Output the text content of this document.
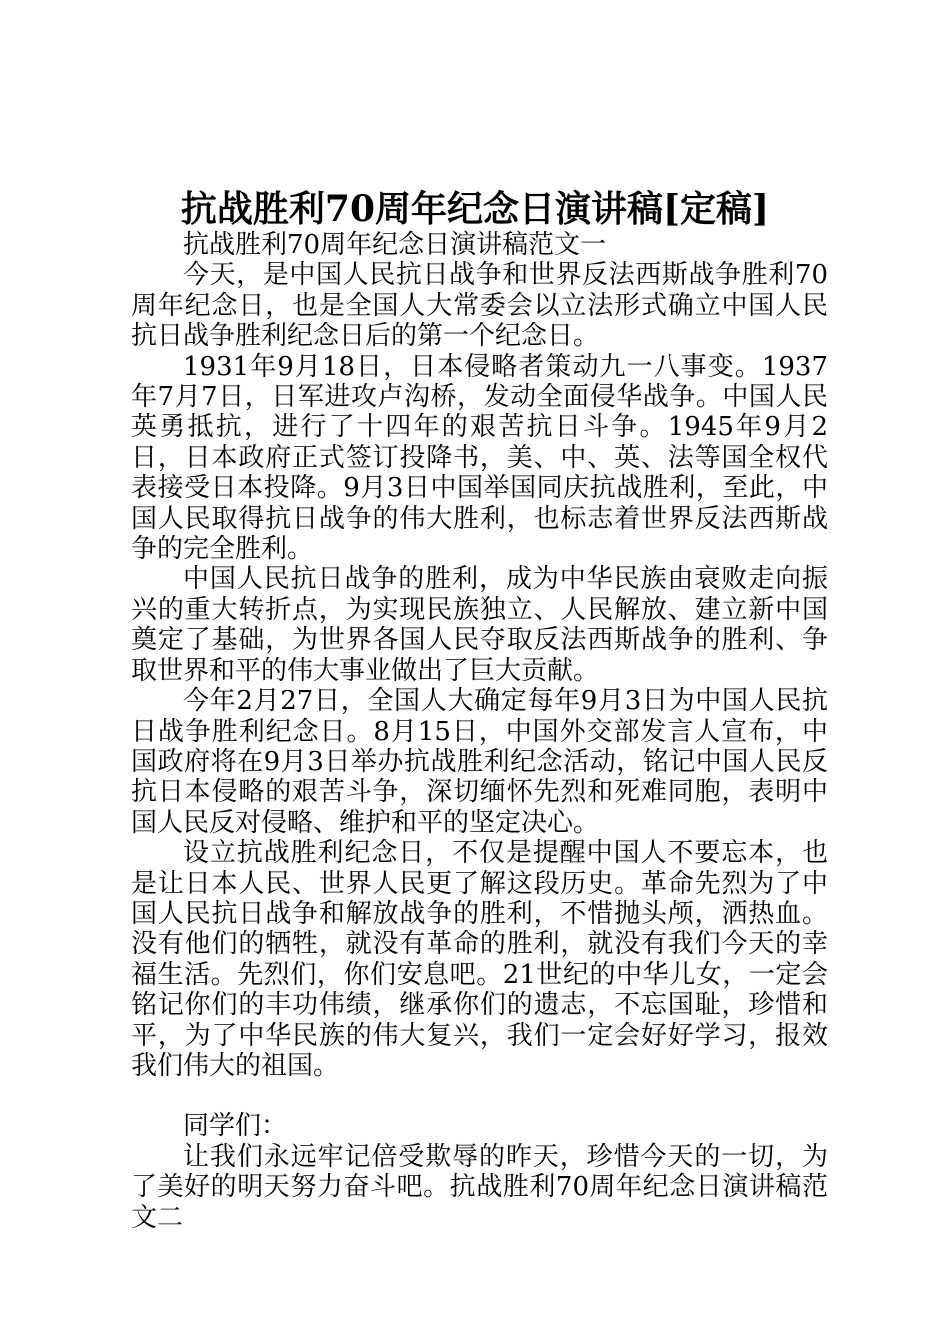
抗战胜利70周年纪念日演讲稿[定稿]

抗战胜利70周年纪念日演讲稿范文一

今天，是中国人民抗日战争和世界反法西斯战争胜利70周年纪念日，也是全国人大常委会以立法形式确立中国人民抗日战争胜利纪念日后的第一个纪念日。

1931年9月18日，日本侵略者策动九一八事变。1937年7月7日，日军进攻卢沟桥，发动全面侵华战争。中国人民英勇抵抗，进行了十四年的艰苦抗日斗争。1945年9月2日，日本政府正式签订投降书，美、中、英、法等国全权代表接受日本投降。9月3日中国举国同庆抗战胜利，至此，中国人民取得抗日战争的伟大胜利，也标志着世界反法西斯战争的完全胜利。

中国人民抗日战争的胜利，成为中华民族由衰败走向振兴的重大转折点，为实现民族独立、人民解放、建立新中国奠定了基础，为世界各国人民夺取反法西斯战争的胜利、争取世界和平的伟大事业做出了巨大贡献。

今年2月27日，全国人大确定每年9月3日为中国人民抗日战争胜利纪念日。8月15日，中国外交部发言人宣布，中国政府将在9月3日举办抗战胜利纪念活动，铭记中国人民反抗日本侵略的艰苦斗争，深切缅怀先烈和死难同胞，表明中国人民反对侵略、维护和平的坚定决心。

设立抗战胜利纪念日，不仅是提醒中国人不要忘本，也是让日本人民、世界人民更了解这段历史。革命先烈为了中国人民抗日战争和解放战争的胜利，不惜抛头颅，洒热血。没有他们的牺牲，就没有革命的胜利，就没有我们今天的幸福生活。先烈们，你们安息吧。21世纪的中华儿女，一定会铭记你们的丰功伟绩，继承你们的遗志，不忘国耻，珍惜和平，为了中华民族的伟大复兴，我们一定会好好学习，报效我们伟大的祖国。

同学们：

让我们永远牢记倍受欺辱的昨天，珍惜今天的一切，为了美好的明天努力奋斗吧。抗战胜利70周年纪念日演讲稿范文二
